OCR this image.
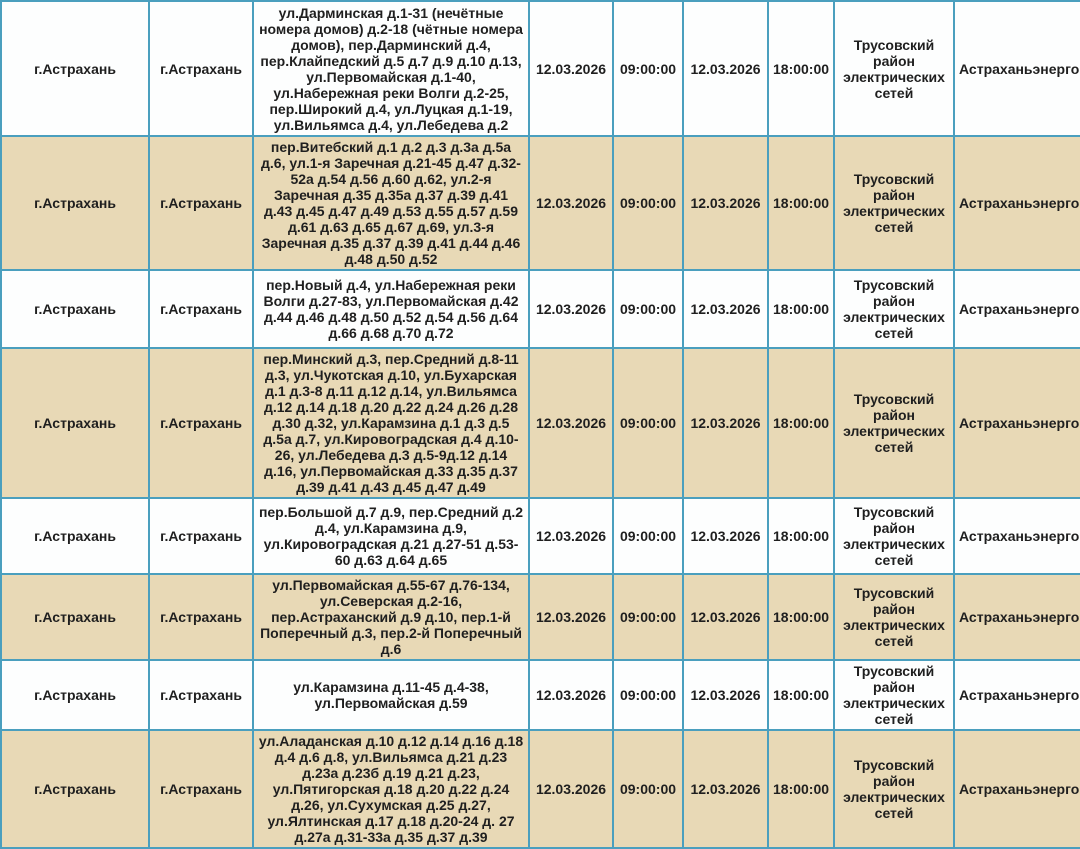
г.Астрахань	г.Астрахань	ул.Дарминская д.1-31 (нечётные номера домов) д.2-18 (чётные номера домов), пер.Дарминский д.4, пер.Клайпедский д.5 д.7 д.9 д.10 д.13, ул.Первомайская д.1-40, ул.Набережная реки Волги д.2-25, пер.Широкий д.4, ул.Луцкая д.1-19, ул.Вильямса д.4, ул.Лебедева д.2	12.03.2026	09:00:00	12.03.2026	18:00:00	Трусовский район электрических сетей	Астраханьэнерго
г.Астрахань	г.Астрахань	пер.Витебский д.1 д.2 д.3 д.3а д.5а д.6, ул.1-я Заречная д.21-45 д.47 д.32-52а д.54 д.56 д.60 д.62, ул.2-я Заречная д.35 д.35а д.37 д.39 д.41 д.43 д.45 д.47 д.49 д.53 д.55 д.57 д.59 д.61 д.63 д.65 д.67 д.69, ул.3-я Заречная д.35 д.37 д.39 д.41 д.44 д.46 д.48 д.50 д.52	12.03.2026	09:00:00	12.03.2026	18:00:00	Трусовский район электрических сетей	Астраханьэнерго
г.Астрахань	г.Астрахань	пер.Новый д.4, ул.Набережная реки Волги д.27-83, ул.Первомайская д.42 д.44 д.46 д.48 д.50 д.52 д.54 д.56 д.64 д.66 д.68 д.70 д.72	12.03.2026	09:00:00	12.03.2026	18:00:00	Трусовский район электрических сетей	Астраханьэнерго
г.Астрахань	г.Астрахань	пер.Минский д.3, пер.Средний д.8-11 д.3, ул.Чукотская д.10, ул.Бухарская д.1 д.3-8 д.11 д.12 д.14, ул.Вильямса д.12 д.14 д.18 д.20 д.22 д.24 д.26 д.28 д.30 д.32, ул.Карамзина д.1 д.3 д.5 д.5а д.7, ул.Кировоградская д.4 д.10-26, ул.Лебедева д.3 д.5-9д.12 д.14 д.16, ул.Первомайская д.33 д.35 д.37 д.39 д.41 д.43 д.45 д.47 д.49	12.03.2026	09:00:00	12.03.2026	18:00:00	Трусовский район электрических сетей	Астраханьэнерго
г.Астрахань	г.Астрахань	пер.Большой д.7 д.9, пер.Средний д.2 д.4, ул.Карамзина д.9, ул.Кировоградская д.21 д.27-51 д.53-60 д.63 д.64 д.65	12.03.2026	09:00:00	12.03.2026	18:00:00	Трусовский район электрических сетей	Астраханьэнерго
г.Астрахань	г.Астрахань	ул.Первомайская д.55-67 д.76-134, ул.Северская д.2-16, пер.Астраханский д.9 д.10, пер.1-й Поперечный д.3, пер.2-й Поперечный д.6	12.03.2026	09:00:00	12.03.2026	18:00:00	Трусовский район электрических сетей	Астраханьэнерго
г.Астрахань	г.Астрахань	ул.Карамзина д.11-45 д.4-38, ул.Первомайская д.59	12.03.2026	09:00:00	12.03.2026	18:00:00	Трусовский район электрических сетей	Астраханьэнерго
г.Астрахань	г.Астрахань	ул.Аладанская д.10 д.12 д.14 д.16 д.18 д.4 д.6 д.8, ул.Вильямса д.21 д.23 д.23а д.23б д.19 д.21 д.23, ул.Пятигорская д.18 д.20 д.22 д.24 д.26, ул.Сухумская д.25 д.27, ул.Ялтинская д.17 д.18 д.20-24 д. 27 д.27а д.31-33а д.35 д.37 д.39	12.03.2026	09:00:00	12.03.2026	18:00:00	Трусовский район электрических сетей	Астраханьэнерго
